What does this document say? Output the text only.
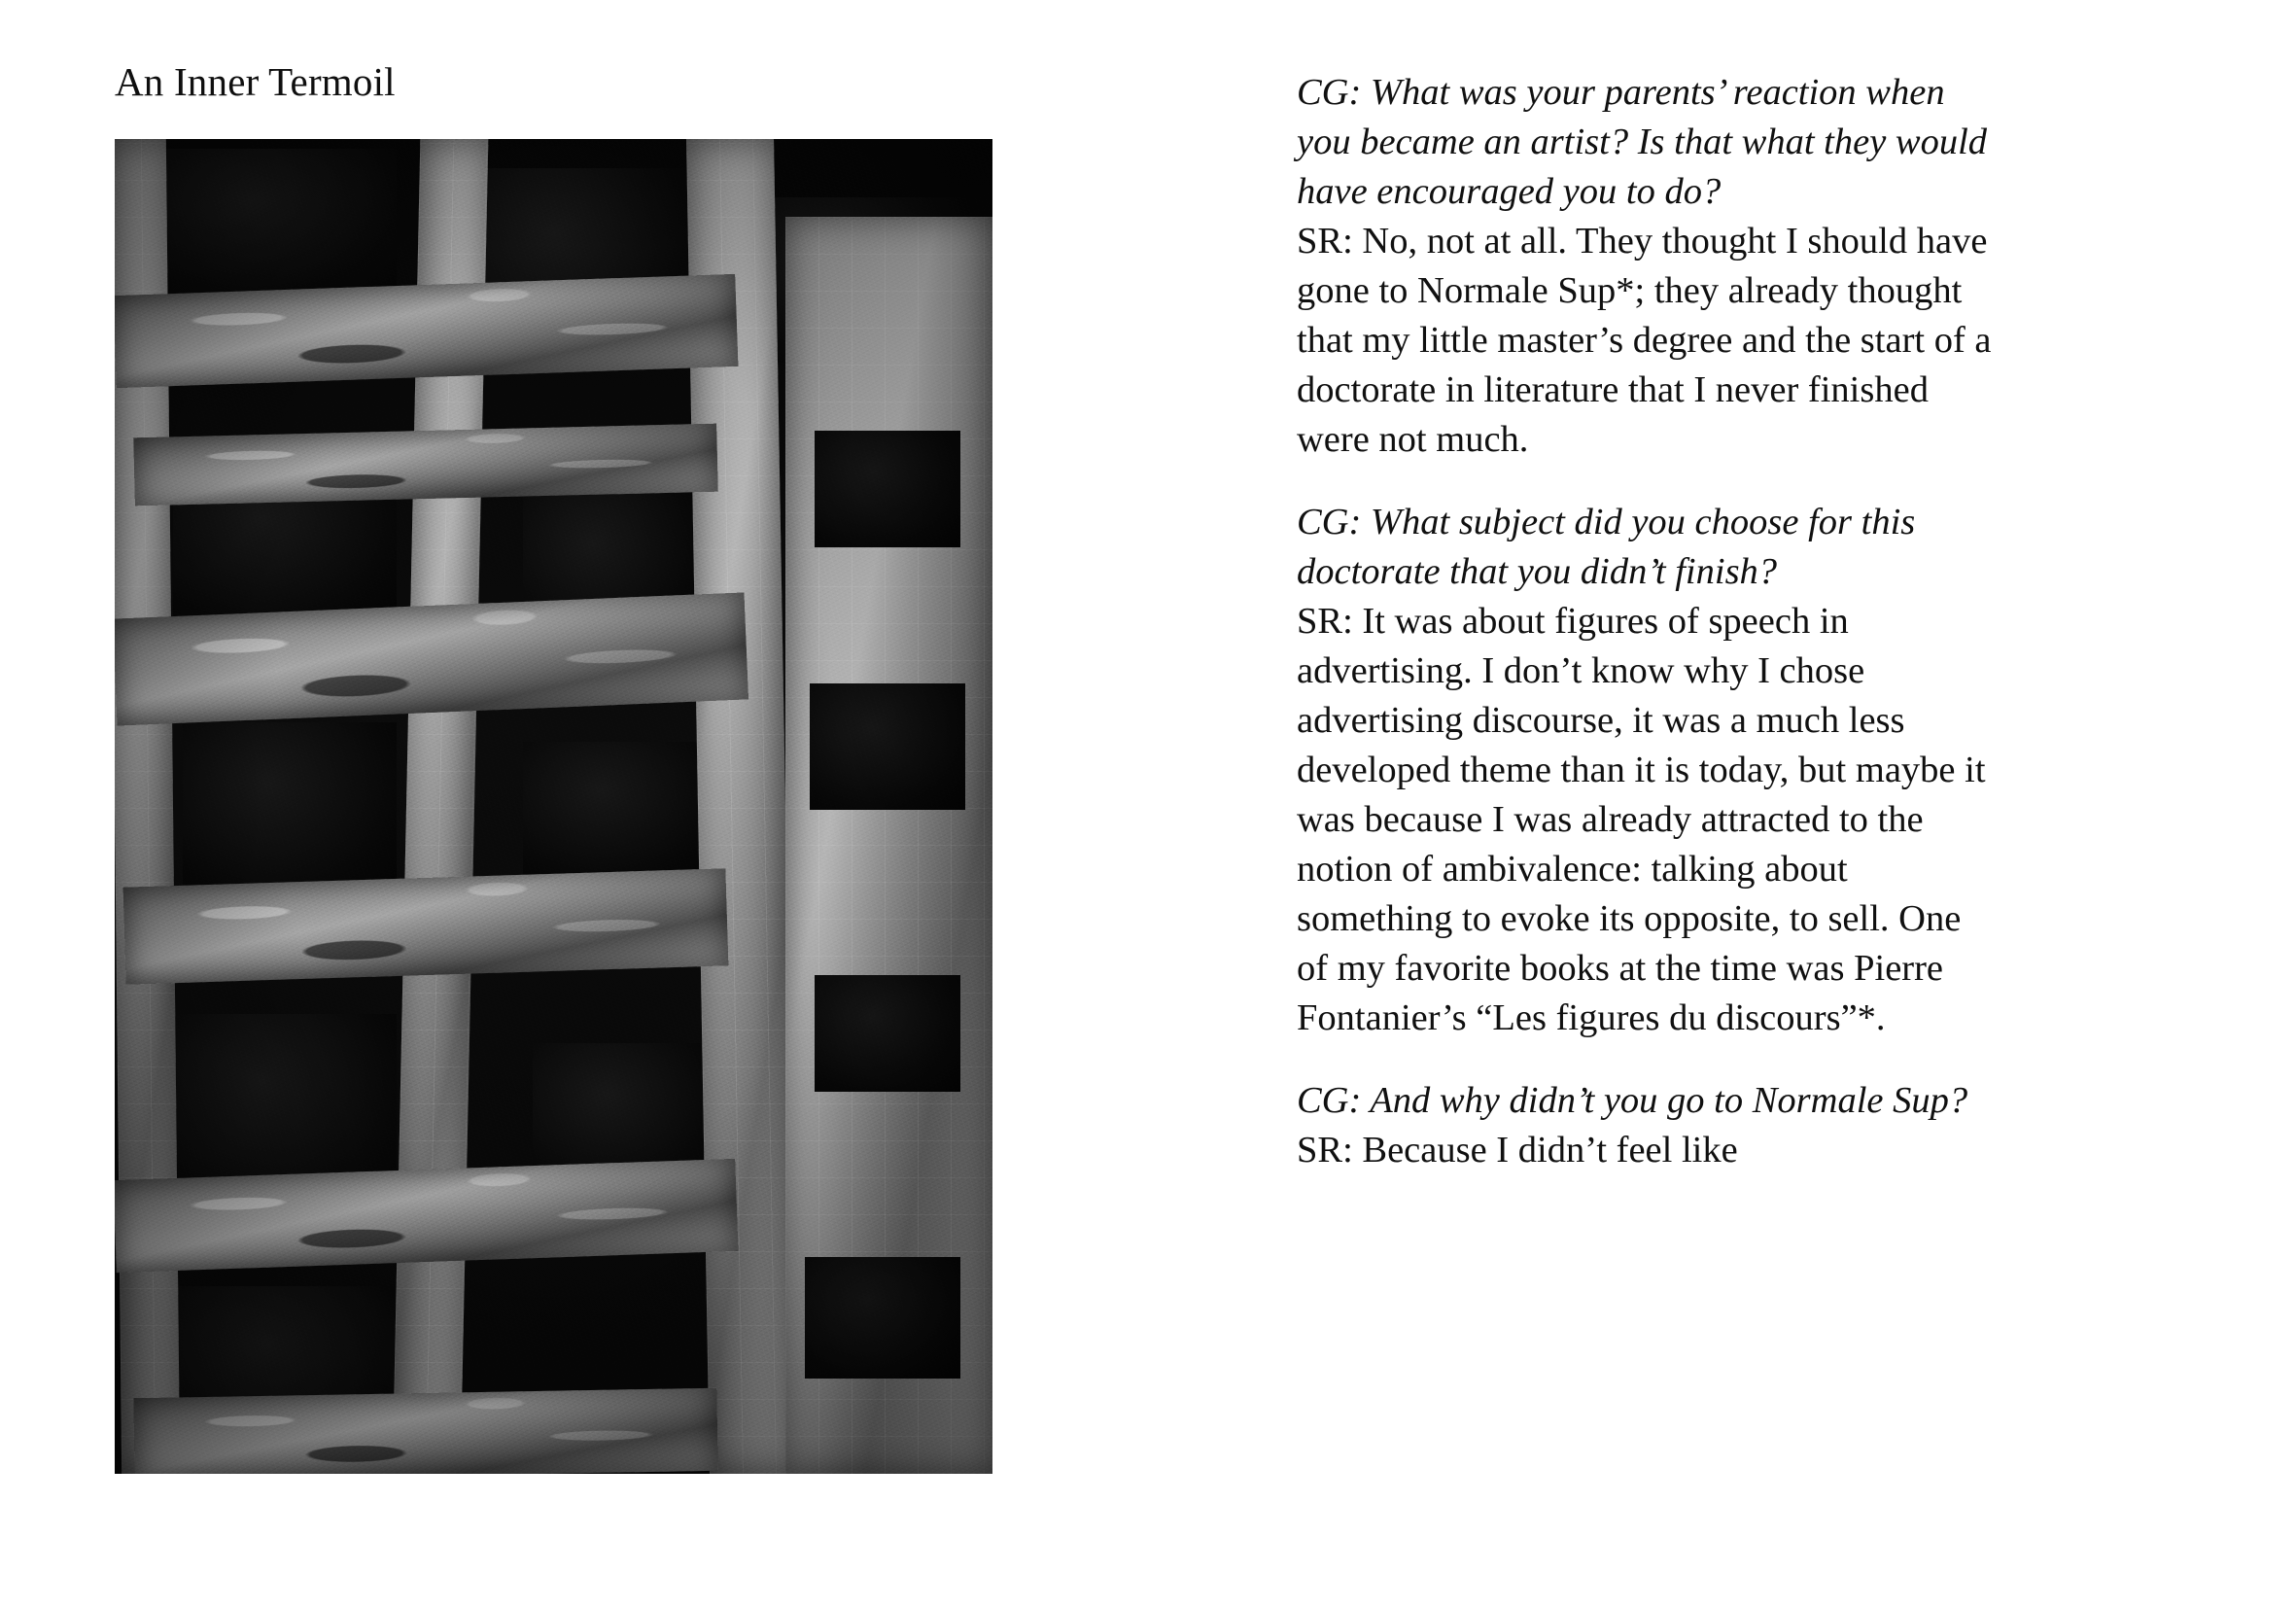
An Inner Termoil	CG: What was your parents’ reaction when you became an artist? Is that what they would have encouraged you to do?
SR: No, not at all. They thought I should have gone to Normale Sup*; they already thought that my little master’s degree and the start of a doctorate in literature that I never finished were not much.
CG: What subject did you choose for this doctorate that you didn’t finish?
SR: It was about figures of speech in advertising. I don’t know why I chose advertising discourse, it was a much less developed theme than it is today, but maybe it was because I was already attracted to the notion of ambivalence: talking about something to evoke its opposite, to sell. One of my favorite books at the time was Pierre Fontanier’s “Les figures du discours”*.
CG: And why didn’t you go to Normale Sup?
SR: Because I didn’t feel like
